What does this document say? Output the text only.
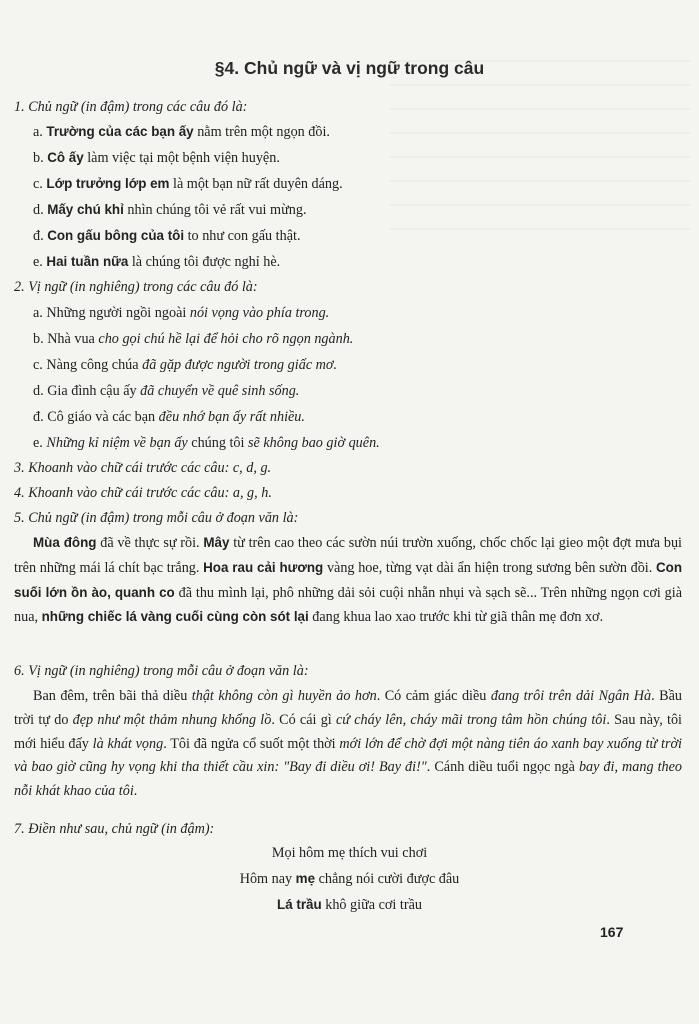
§4. Chủ ngữ và vị ngữ trong câu
1. Chủ ngữ (in đậm) trong các câu đó là:
a. Trường của các bạn ấy nằm trên một ngọn đồi.
b. Cô ấy làm việc tại một bệnh viện huyện.
c. Lớp trưởng lớp em là một bạn nữ rất duyên dáng.
d. Mấy chú khỉ nhìn chúng tôi vẻ rất vui mừng.
đ. Con gấu bông của tôi to như con gấu thật.
e. Hai tuần nữa là chúng tôi được nghỉ hè.
2. Vị ngữ (in nghiêng) trong các câu đó là:
a. Những người ngồi ngoài nói vọng vào phía trong.
b. Nhà vua cho gọi chú hề lại để hỏi cho rõ ngọn ngành.
c. Nàng công chúa đã gặp được người trong giấc mơ.
d. Gia đình cậu ấy đã chuyển về quê sinh sống.
đ. Cô giáo và các bạn đều nhớ bạn ấy rất nhiều.
e. Những kỉ niệm về bạn ấy chúng tôi sẽ không bao giờ quên.
3. Khoanh vào chữ cái trước các câu: c, d, g.
4. Khoanh vào chữ cái trước các câu: a, g, h.
5. Chủ ngữ (in đậm) trong mỗi câu ở đoạn văn là:
Mùa đông đã về thực sự rồi. Mây từ trên cao theo các sườn núi trườn xuống, chốc chốc lại gieo một đợt mưa bụi trên những mái lá chít bạc trắng. Hoa rau cải hương vàng hoe, từng vạt dài ẩn hiện trong sương bên sườn đồi. Con suối lớn ồn ào, quanh co đã thu mình lại, phô những dải sỏi cuội nhẵn nhụi và sạch sẽ... Trên những ngọn cơi già nua, những chiếc lá vàng cuối cùng còn sót lại đang khua lao xao trước khi từ giã thân mẹ đơn xơ.
6. Vị ngữ (in nghiêng) trong mỗi câu ở đoạn văn là:
Ban đêm, trên bãi thả diều thật không còn gì huyền ảo hơn. Có cảm giác diều đang trôi trên dải Ngân Hà. Bầu trời tự do đẹp như một thảm nhung khổng lồ. Có cái gì cứ cháy lên, cháy mãi trong tâm hồn chúng tôi. Sau này, tôi mới hiểu đấy là khát vọng. Tôi đã ngửa cổ suốt một thời mới lớn để chờ đợi một nàng tiên áo xanh bay xuống từ trời và bao giờ cũng hy vọng khi tha thiết cầu xin: "Bay đi diều ơi! Bay đi!". Cánh diều tuổi ngọc ngà bay đi, mang theo nỗi khát khao của tôi.
7. Điền như sau, chủ ngữ (in đậm):
Mọi hôm mẹ thích vui chơi
Hôm nay mẹ chẳng nói cười được đâu
Lá trầu khô giữa cơi trầu
167
